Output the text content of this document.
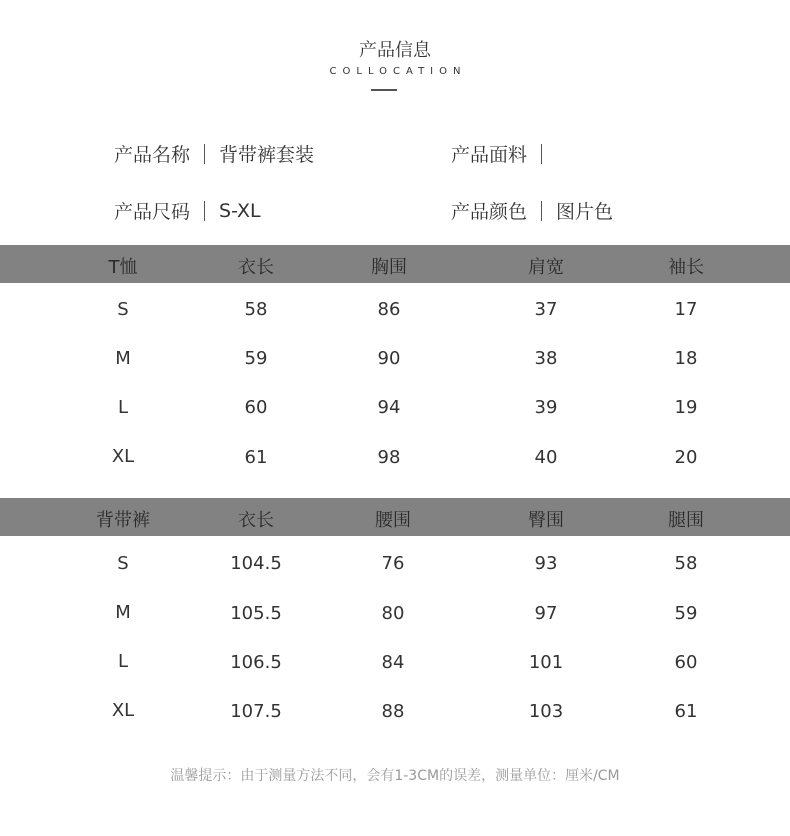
产品信息
COLLOCATION
产品名称 背带裤套装	产品面料
产品尺码 S-XL	产品颜色 图片色
T恤	衣长	胸围	肩宽	袖长
S	58	86	37	17
M	59	90	38	18
L	60	94	39	19
XL	61	98	40	20
背带裤	衣长	腰围	臀围	腿围
S	104.5	76	93	58
M	105.5	80	97	59
L	106.5	84	101	60
XL	107.5	88	103	61
温馨提示：由于测量方法不同，会有1-3CM的误差，测量单位：厘米/CM
